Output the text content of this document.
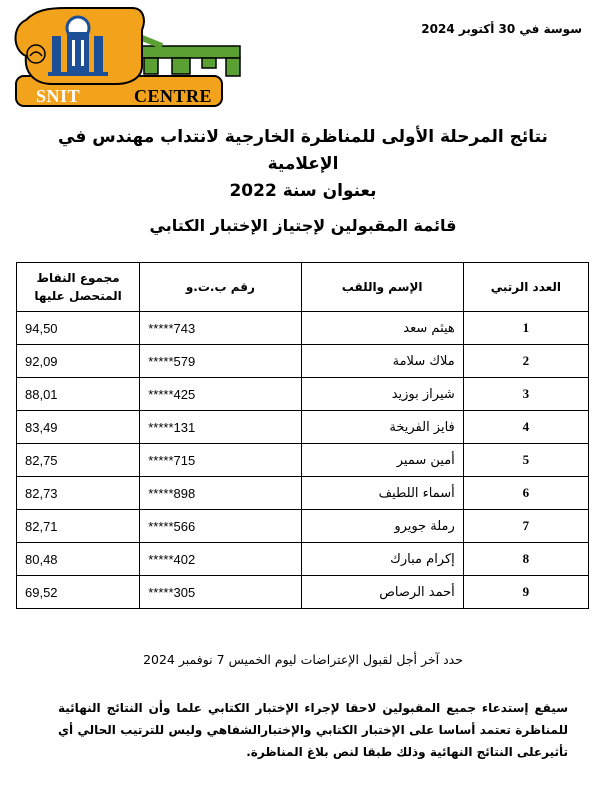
SNIT	CENTRE
سوسة في 30 أكتوبر 2024
نتائج المرحلة الأولى للمناظرة الخارجية لانتداب مهندس في الإعلامية
بعنوان سنة 2022
قائمة المقبولين لإجتياز الإختبار الكتابي
العدد الرتبي	الإسم واللقب	رقم ب.ت.و	مجموع النقاط
المتحصل عليها

1	هيثم سعد	*****743	94,50
2	ملاك سلامة	*****579	92,09
3	شيراز بوزيد	*****425	88,01
4	فايز الفريخة	*****131	83,49
5	أمين سمير	*****715	82,75
6	أسماء اللطيف	*****898	82,73
7	رملة جويرو	*****566	82,71
8	إكرام مبارك	*****402	80,48
9	أحمد الرصاص	*****305	69,52
حدد آخر أجل لقبول الإعتراضات ليوم الخميس 7 نوفمبر 2024
سيقع إستدعاء جميع المقبولين لاحقا لإجراء الإختبار الكتابي علما وأن النتائج النهائية للمناظرة تعتمد أساسا على الإختبار الكتابي والإختبارالشفاهي وليس للترتيب الحالي أي تأثيرعلى النتائج النهائية وذلك طبقا لنص بلاغ المناظرة.
